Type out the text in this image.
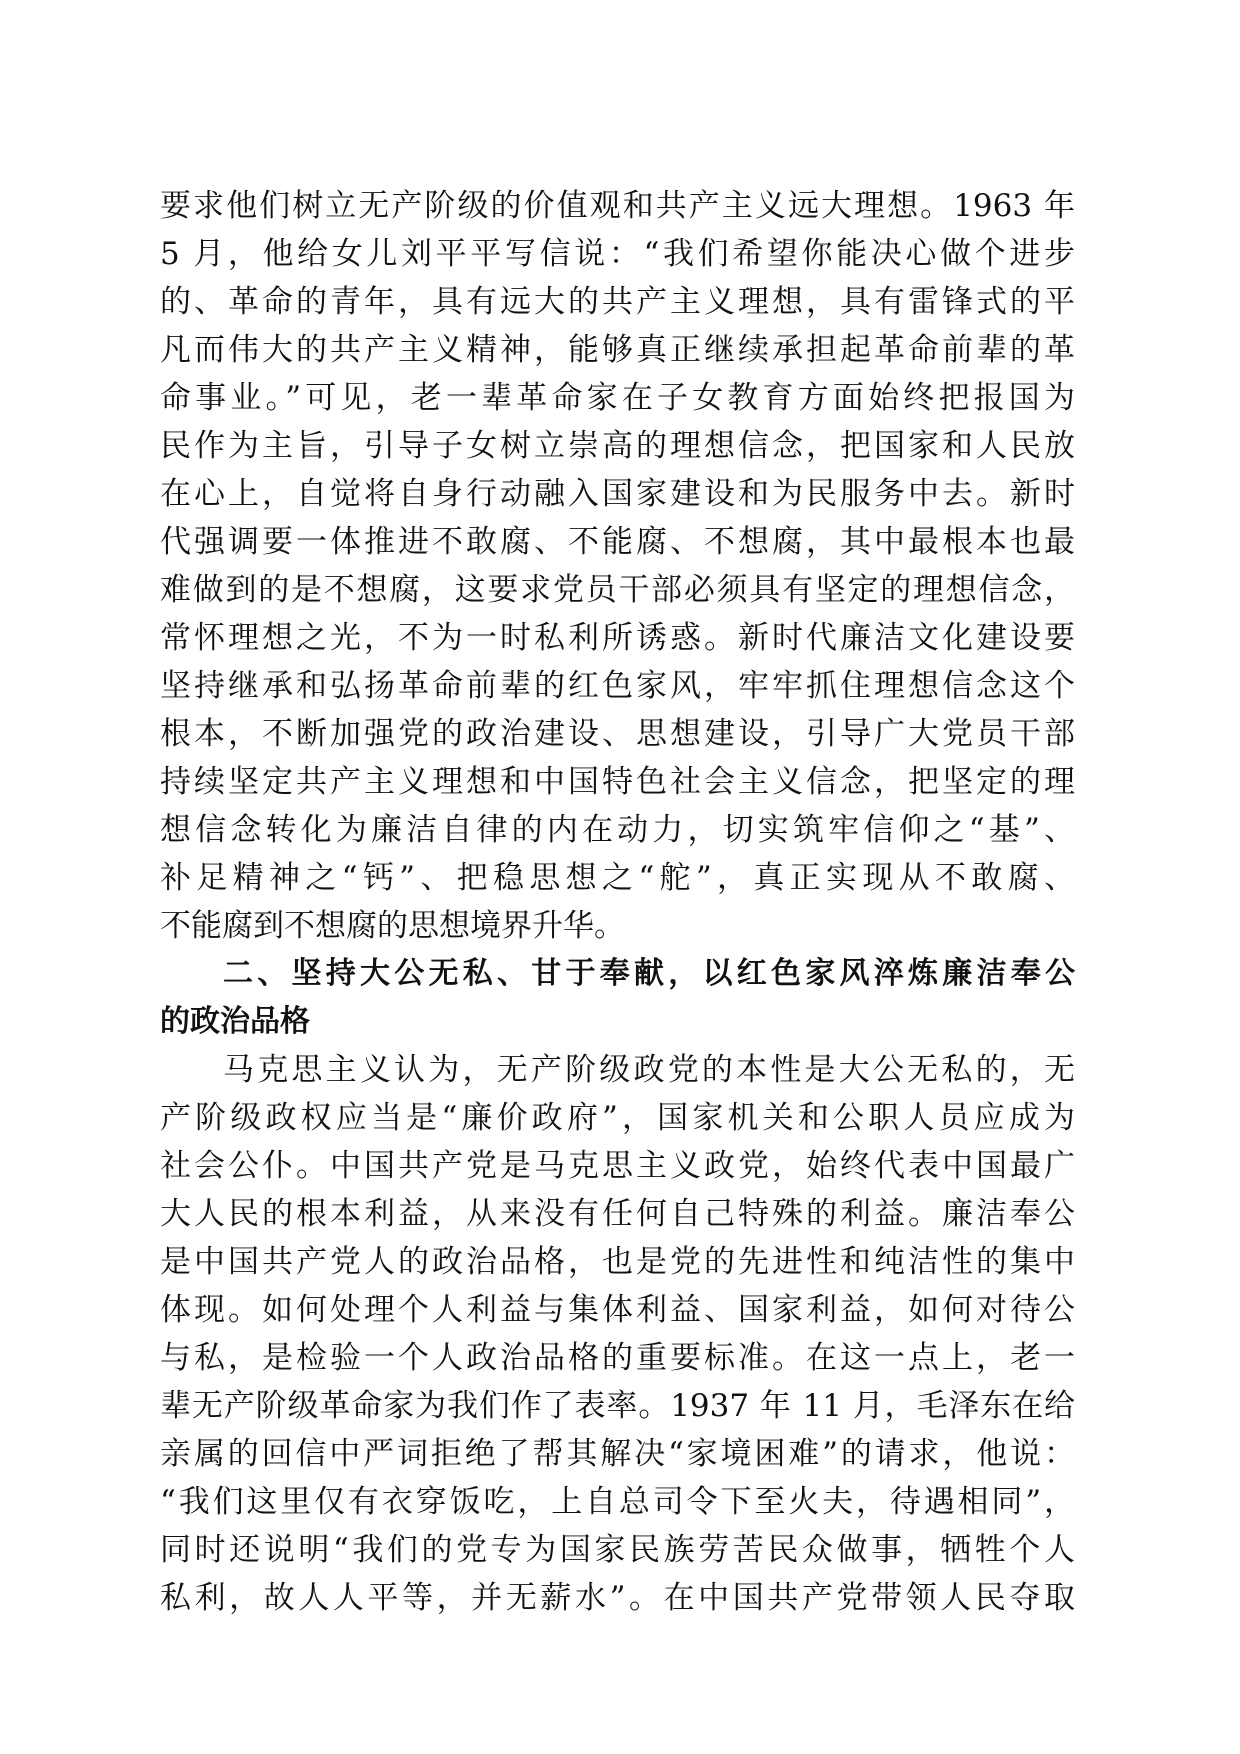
要求他们树立无产阶级的价值观和共产主义远大理想。1963 年
5 月，他给女儿刘平平写信说：“我们希望你能决心做个进步
的、革命的青年，具有远大的共产主义理想，具有雷锋式的平
凡而伟大的共产主义精神，能够真正继续承担起革命前辈的革
命事业。”可见，老一辈革命家在子女教育方面始终把报国为
民作为主旨，引导子女树立崇高的理想信念，把国家和人民放
在心上，自觉将自身行动融入国家建设和为民服务中去。新时
代强调要一体推进不敢腐、不能腐、不想腐，其中最根本也最
难做到的是不想腐，这要求党员干部必须具有坚定的理想信念，
常怀理想之光，不为一时私利所诱惑。新时代廉洁文化建设要
坚持继承和弘扬革命前辈的红色家风，牢牢抓住理想信念这个
根本，不断加强党的政治建设、思想建设，引导广大党员干部
持续坚定共产主义理想和中国特色社会主义信念，把坚定的理
想信念转化为廉洁自律的内在动力，切实筑牢信仰之“基”、
补足精神之“钙”、把稳思想之“舵”，真正实现从不敢腐、
不能腐到不想腐的思想境界升华。
二、坚持大公无私、甘于奉献，以红色家风淬炼廉洁奉公
的政治品格
马克思主义认为，无产阶级政党的本性是大公无私的，无
产阶级政权应当是“廉价政府”，国家机关和公职人员应成为
社会公仆。中国共产党是马克思主义政党，始终代表中国最广
大人民的根本利益，从来没有任何自己特殊的利益。廉洁奉公
是中国共产党人的政治品格，也是党的先进性和纯洁性的集中
体现。如何处理个人利益与集体利益、国家利益，如何对待公
与私，是检验一个人政治品格的重要标准。在这一点上，老一
辈无产阶级革命家为我们作了表率。1937 年 11 月，毛泽东在给
亲属的回信中严词拒绝了帮其解决“家境困难”的请求，他说：
“我们这里仅有衣穿饭吃，上自总司令下至火夫，待遇相同”，
同时还说明“我们的党专为国家民族劳苦民众做事，牺牲个人
私利，故人人平等，并无薪水”。在中国共产党带领人民夺取
